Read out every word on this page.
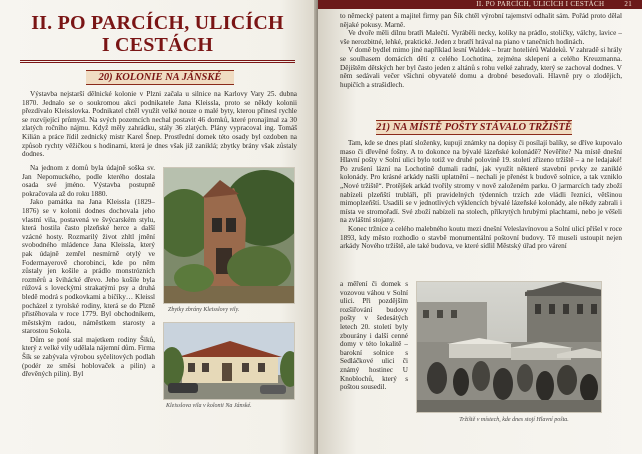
II. PO PARCÍCH, ULICÍCH
I CESTÁCH
20) KOLONIE NA JÁNSKÉ

Výstavba nejstarší dělnické kolonie v Plzni začala u silnice na Karlovy Vary 25. dubna 1870. Jednalo se o soukromou akci podnikatele Jana Kleissla, proto se někdy kolonii přezdívalo Kleisslovka. Podnikatel chtěl využít velké nouze o malé byty, kterou přinesl rychle se rozvíjející průmysl. Na svých pozemcích nechal postavit 46 domků, které pronajímal za 30 zlatých ročního nájmu. Když měly zahrádku, stály 36 zlatých. Plány vypracoval ing. Tomáš Kilián a práce řídil zednický mistr Karel Šnep. Prostřední domek této osady byl ozdoben na způsob rychty věžičkou s hodinami, která je dnes však již zaniklá; zbytky brány však zůstaly dodnes.

Na jednom z domů byla údajně soška sv. Jan Nepomuckého, podle kterého dostala osada své jméno. Výstavba postupně pokračovala až do roku 1880.

Jako památka na Jana Kleissla (1829–1876) se v kolonii dodnes dochovala jeho vlastní vila, postavená ve švýcarském stylu, která hostila často plzeňské herce a další vzácné hosty. Rozmarilý život zhltl jmění svobodného mládence Jana Kleissla, který pak údajně zemřel nesmírně otylý ve Fodermayerově chorobinci, kde po něm zůstaly jen košile a prádlo monstrózních rozměrů a švihácké dřevo. Jeho košile byla rúžová s loveckými strakatými psy a druhá bledě modrá s podkovkami a bičíky… Kleissl pocházel z tyrolské rodiny, která se do Plzně přistěhovala v roce 1779. Byl obchodníkem, městským radou, náměstkem starosty a starostou Sokola.

Dům se poté stal majetkem rodiny Šiků, který z velké vily udělala nájemní dům. Firma Šík se zabývala výrobou syčelitových podlah (podér ze směsi hoblovaček a pilin) a dřevěných pilin). Byl

Zbytky zbrány Kleisslovy vily.
Kleisslova vila v kolonii Na Jánské.
II. PO PARCÍCH, ULICÍCH I CESTÁCH	21

to německý patent a majitel firmy pan Šík chtěl výrobní tajemství odhalit sám. Pořád proto dělal nějaké pokusy. Marně.

Ve dvoře měli dílnu bratři Malečtí. Vyráběli necky, kolíky na prádlo, stoličky, válchy, lavice – vše nerozbitné, lehké, praktické. Jeden z bratří hrával na piano v tanečních hodinách.

V domě bydlel mimo jiné například lesní Waldek – bratr hoteliérů Waldeků. V zahradě si hrály se soulhasem domácích dětí z celého Lochotína, zejména sklepení a celého Kreuzmanna. Dějištěm dětských her byl často jeden z altánů s rohu velké zahrady, který se zachoval dodnes. V něm sedávali večer všichni obyvatelé domu a drobné besedovali. Hlavně pry o zlodějích, hupičích a strašidlech.

21) NA MÍSTĚ POŠTY STÁVALO TRŽIŠTĚ

Tam, kde se dnes platí složenky, kupují známky na dopisy či posílají balíky, se dříve kupovalo maso či dřevěné fošny. A to dokonce na bývalé lázeňské kolonádě? Nevěříte? Na místě dnešní Hlavní pošty v Solní ulici bylo totiž ve druhé polovině 19. století zřízeno tržiště – a ne ledajaké! Po zrušení lázní na Lochotíně dumali radní, jak využít některé stavební prvky ze zaniklé kolonády. Pro krásné arkády našli uplatnění – nechali je přenést k budově solnice, a tak vzniklo „Nové tržiště“. Protějšek arkád tvořily stromy v nově založeném parku. O jarmarcích tady zboží nabízeli plzeňští trubláři, při pravidelných týdenních trzích zde vládli řezníci, většinou mimoplzeňští. Usadili se v jednotlivých výklencích bývalé lázeňské kolonády, ale někdy zabrali i místa ve stromořadí. Své zboží nabízeli na stolech, příkrytých hrubými plachtami, nebo je věšeli na zvláštní stojany.

Konec tržnice a celého malebného koutu mezi dnešní Veleslavínovou a Solní ulicí přišel v roce 1893, kdy město rozhodlo o stavbě monumentální poštovní budovy. Tě museli ustoupit nejen arkády Nového tržiště, ale také budova, ve které sídlil Městský úřad pro várení

a měření či domek s vozovou váhou v Solní ulici. Při pozdějším rozšiřování budovy pošty v šedesátých letech 20. století byly zbourány i další cenné domy v této lokalitě – barokní solnice s Sedláčkové ulici či známý hostinec U Knoblochů, který s poštou sousedil.

Tržiště v místech, kde dnes stojí Hlavní pošta.
